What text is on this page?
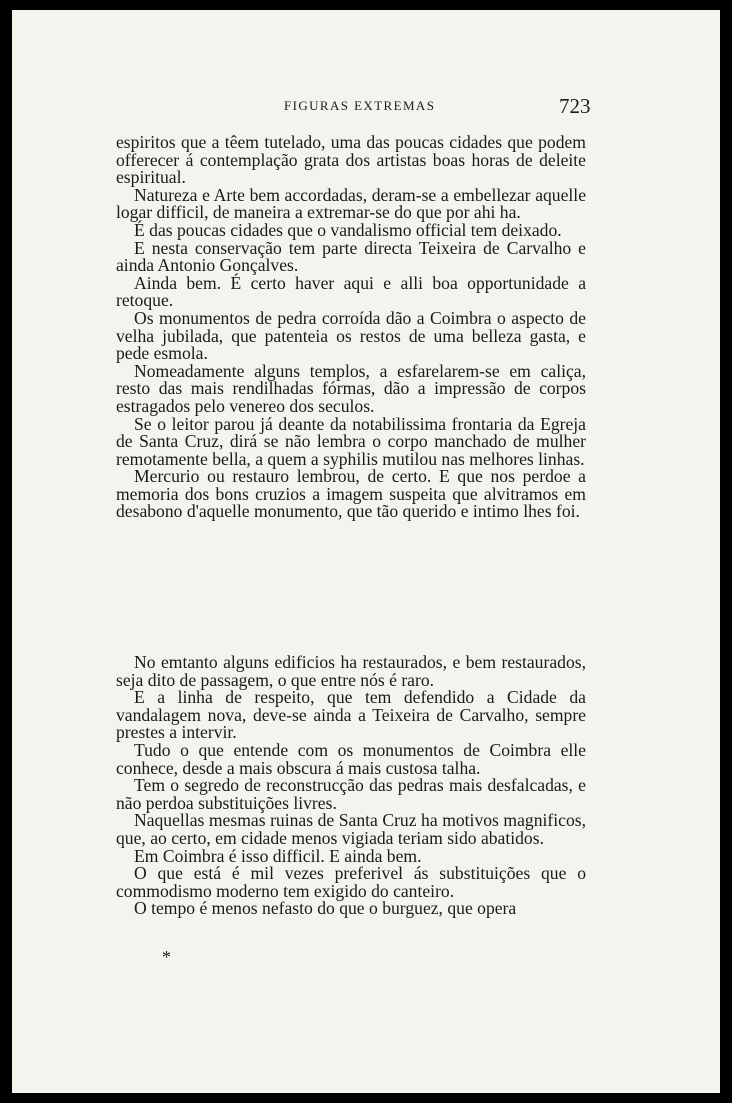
FIGURAS EXTREMAS	723

espiritos que a têem tutelado, uma das poucas cidades que podem offerecer á contemplação grata dos artistas boas horas de deleite espiritual.

Natureza e Arte bem accordadas, deram-se a embellezar aquelle logar difficil, de maneira a extremar-se do que por ahi ha.

É das poucas cidades que o vandalismo official tem deixado.

E nesta conservação tem parte directa Teixeira de Carvalho e ainda Antonio Gonçalves.

Ainda bem. É certo haver aqui e alli boa opportunidade a retoque.

Os monumentos de pedra corroída dão a Coimbra o aspecto de velha jubilada, que patenteia os restos de uma belleza gasta, e pede esmola.

Nomeadamente alguns templos, a esfarelarem-se em caliça, resto das mais rendilhadas fórmas, dão a impressão de corpos estragados pelo venereo dos seculos.

Se o leitor parou já deante da notabilissima frontaria da Egreja de Santa Cruz, dirá se não lembra o corpo manchado de mulher remotamente bella, a quem a syphilis mutilou nas melhores linhas.

Mercurio ou restauro lembrou, de certo. E que nos perdoe a memoria dos bons cruzios a imagem suspeita que alvitramos em desabono d'aquelle monumento, que tão querido e intimo lhes foi.

No emtanto alguns edificios ha restaurados, e bem restaurados, seja dito de passagem, o que entre nós é raro.

E a linha de respeito, que tem defendido a Cidade da vandalagem nova, deve-se ainda a Teixeira de Carvalho, sempre prestes a intervir.

Tudo o que entende com os monumentos de Coimbra elle conhece, desde a mais obscura á mais custosa talha.

Tem o segredo de reconstrucção das pedras mais desfalcadas, e não perdoa substituições livres.

Naquellas mesmas ruinas de Santa Cruz ha motivos magnificos, que, ao certo, em cidade menos vigiada teriam sido abatidos.

Em Coimbra é isso difficil. E ainda bem.

O que está é mil vezes preferivel ás substituições que o commodismo moderno tem exigido do canteiro.

O tempo é menos nefasto do que o burguez, que opera

*
